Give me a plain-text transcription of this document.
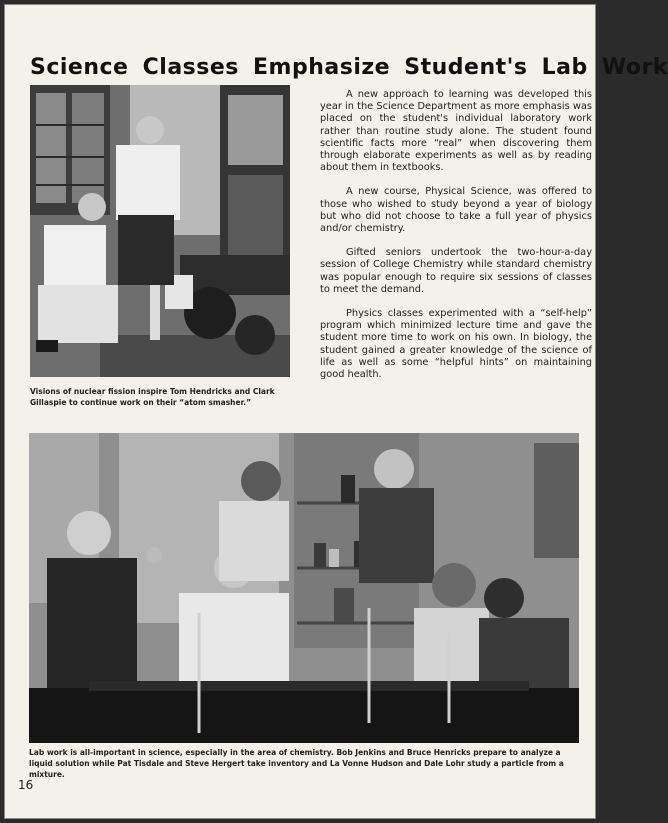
Science Classes Emphasize Student's Lab Work
Visions of nuclear fission inspire Tom Hendricks and Clark Gillaspie to continue work on their “atom smasher.”

A new approach to learning was developed this year in the Science Department as more emphasis was placed on the student's individual laboratory work rather than routine study alone. The student found scientific facts more “real” when discovering them through elaborate experiments as well as by reading about them in textbooks.

A new course, Physical Science, was offered to those who wished to study beyond a year of biology but who did not choose to take a full year of physics and/or chemistry.

Gifted seniors undertook the two-hour-a-day session of College Chemistry while standard chemistry was popular enough to require six sessions of classes to meet the demand.

Physics classes experimented with a “self-help” program which minimized lecture time and gave the student more time to work on his own. In biology, the student gained a greater knowledge of the science of life as well as some “helpful hints” on maintaining good health.

Lab work is all-important in science, especially in the area of chemistry. Bob Jenkins and Bruce Henricks prepare to analyze a liquid solution while Pat Tisdale and Steve Hergert take inventory and La Vonne Hudson and Dale Lohr study a particle from a mixture.
16
